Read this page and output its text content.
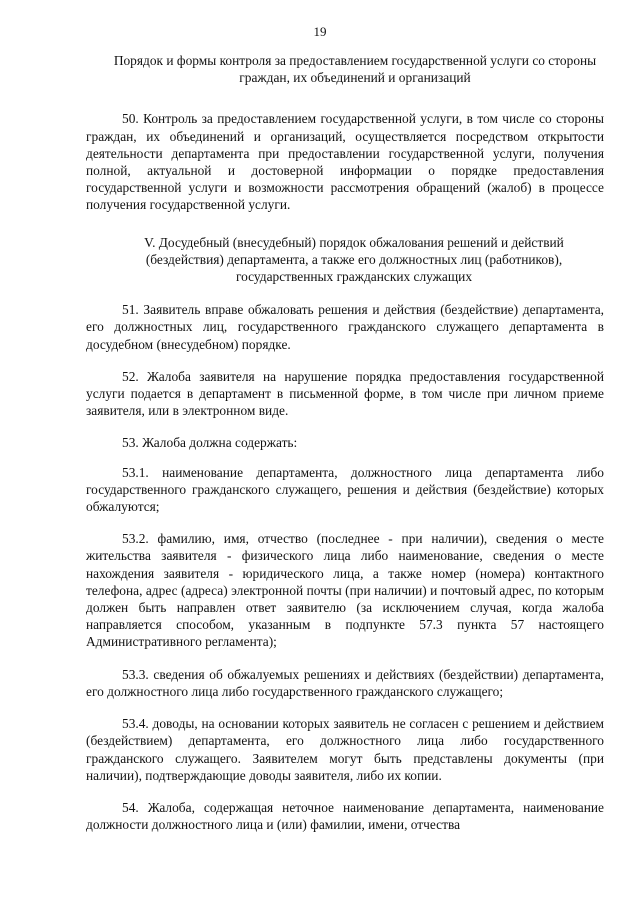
19

Порядок и формы контроля за предоставлением государственной услуги со стороны граждан, их объединений и организаций

50. Контроль за предоставлением государственной услуги, в том числе со стороны граждан, их объединений и организаций, осуществляется посредством открытости деятельности департамента при предоставлении государственной услуги, получения полной, актуальной и достоверной информации о порядке предоставления государственной услуги и возможности рассмотрения обращений (жалоб) в процессе получения государственной услуги.

V. Досудебный (внесудебный) порядок обжалования решений и действий (бездействия) департамента, а также его должностных лиц (работников), государственных гражданских служащих

51. Заявитель вправе обжаловать решения и действия (бездействие) департамента, его должностных лиц, государственного гражданского служащего департамента в досудебном (внесудебном) порядке.

52. Жалоба заявителя на нарушение порядка предоставления государственной услуги подается в департамент в письменной форме, в том числе при личном приеме заявителя, или в электронном виде.

53. Жалоба должна содержать:

53.1. наименование департамента, должностного лица департамента либо государственного гражданского служащего, решения и действия (бездействие) которых обжалуются;

53.2. фамилию, имя, отчество (последнее - при наличии), сведения о месте жительства заявителя - физического лица либо наименование, сведения о месте нахождения заявителя - юридического лица, а также номер (номера) контактного телефона, адрес (адреса) электронной почты (при наличии) и почтовый адрес, по которым должен быть направлен ответ заявителю (за исключением случая, когда жалоба направляется способом, указанным в подпункте 57.3 пункта 57 настоящего Административного регламента);

53.3. сведения об обжалуемых решениях и действиях (бездействии) департамента, его должностного лица либо государственного гражданского служащего;

53.4. доводы, на основании которых заявитель не согласен с решением и действием (бездействием) департамента, его должностного лица либо государственного гражданского служащего. Заявителем могут быть представлены документы (при наличии), подтверждающие доводы заявителя, либо их копии.

54. Жалоба, содержащая неточное наименование департамента, наименование должности должностного лица и (или) фамилии, имени, отчества
